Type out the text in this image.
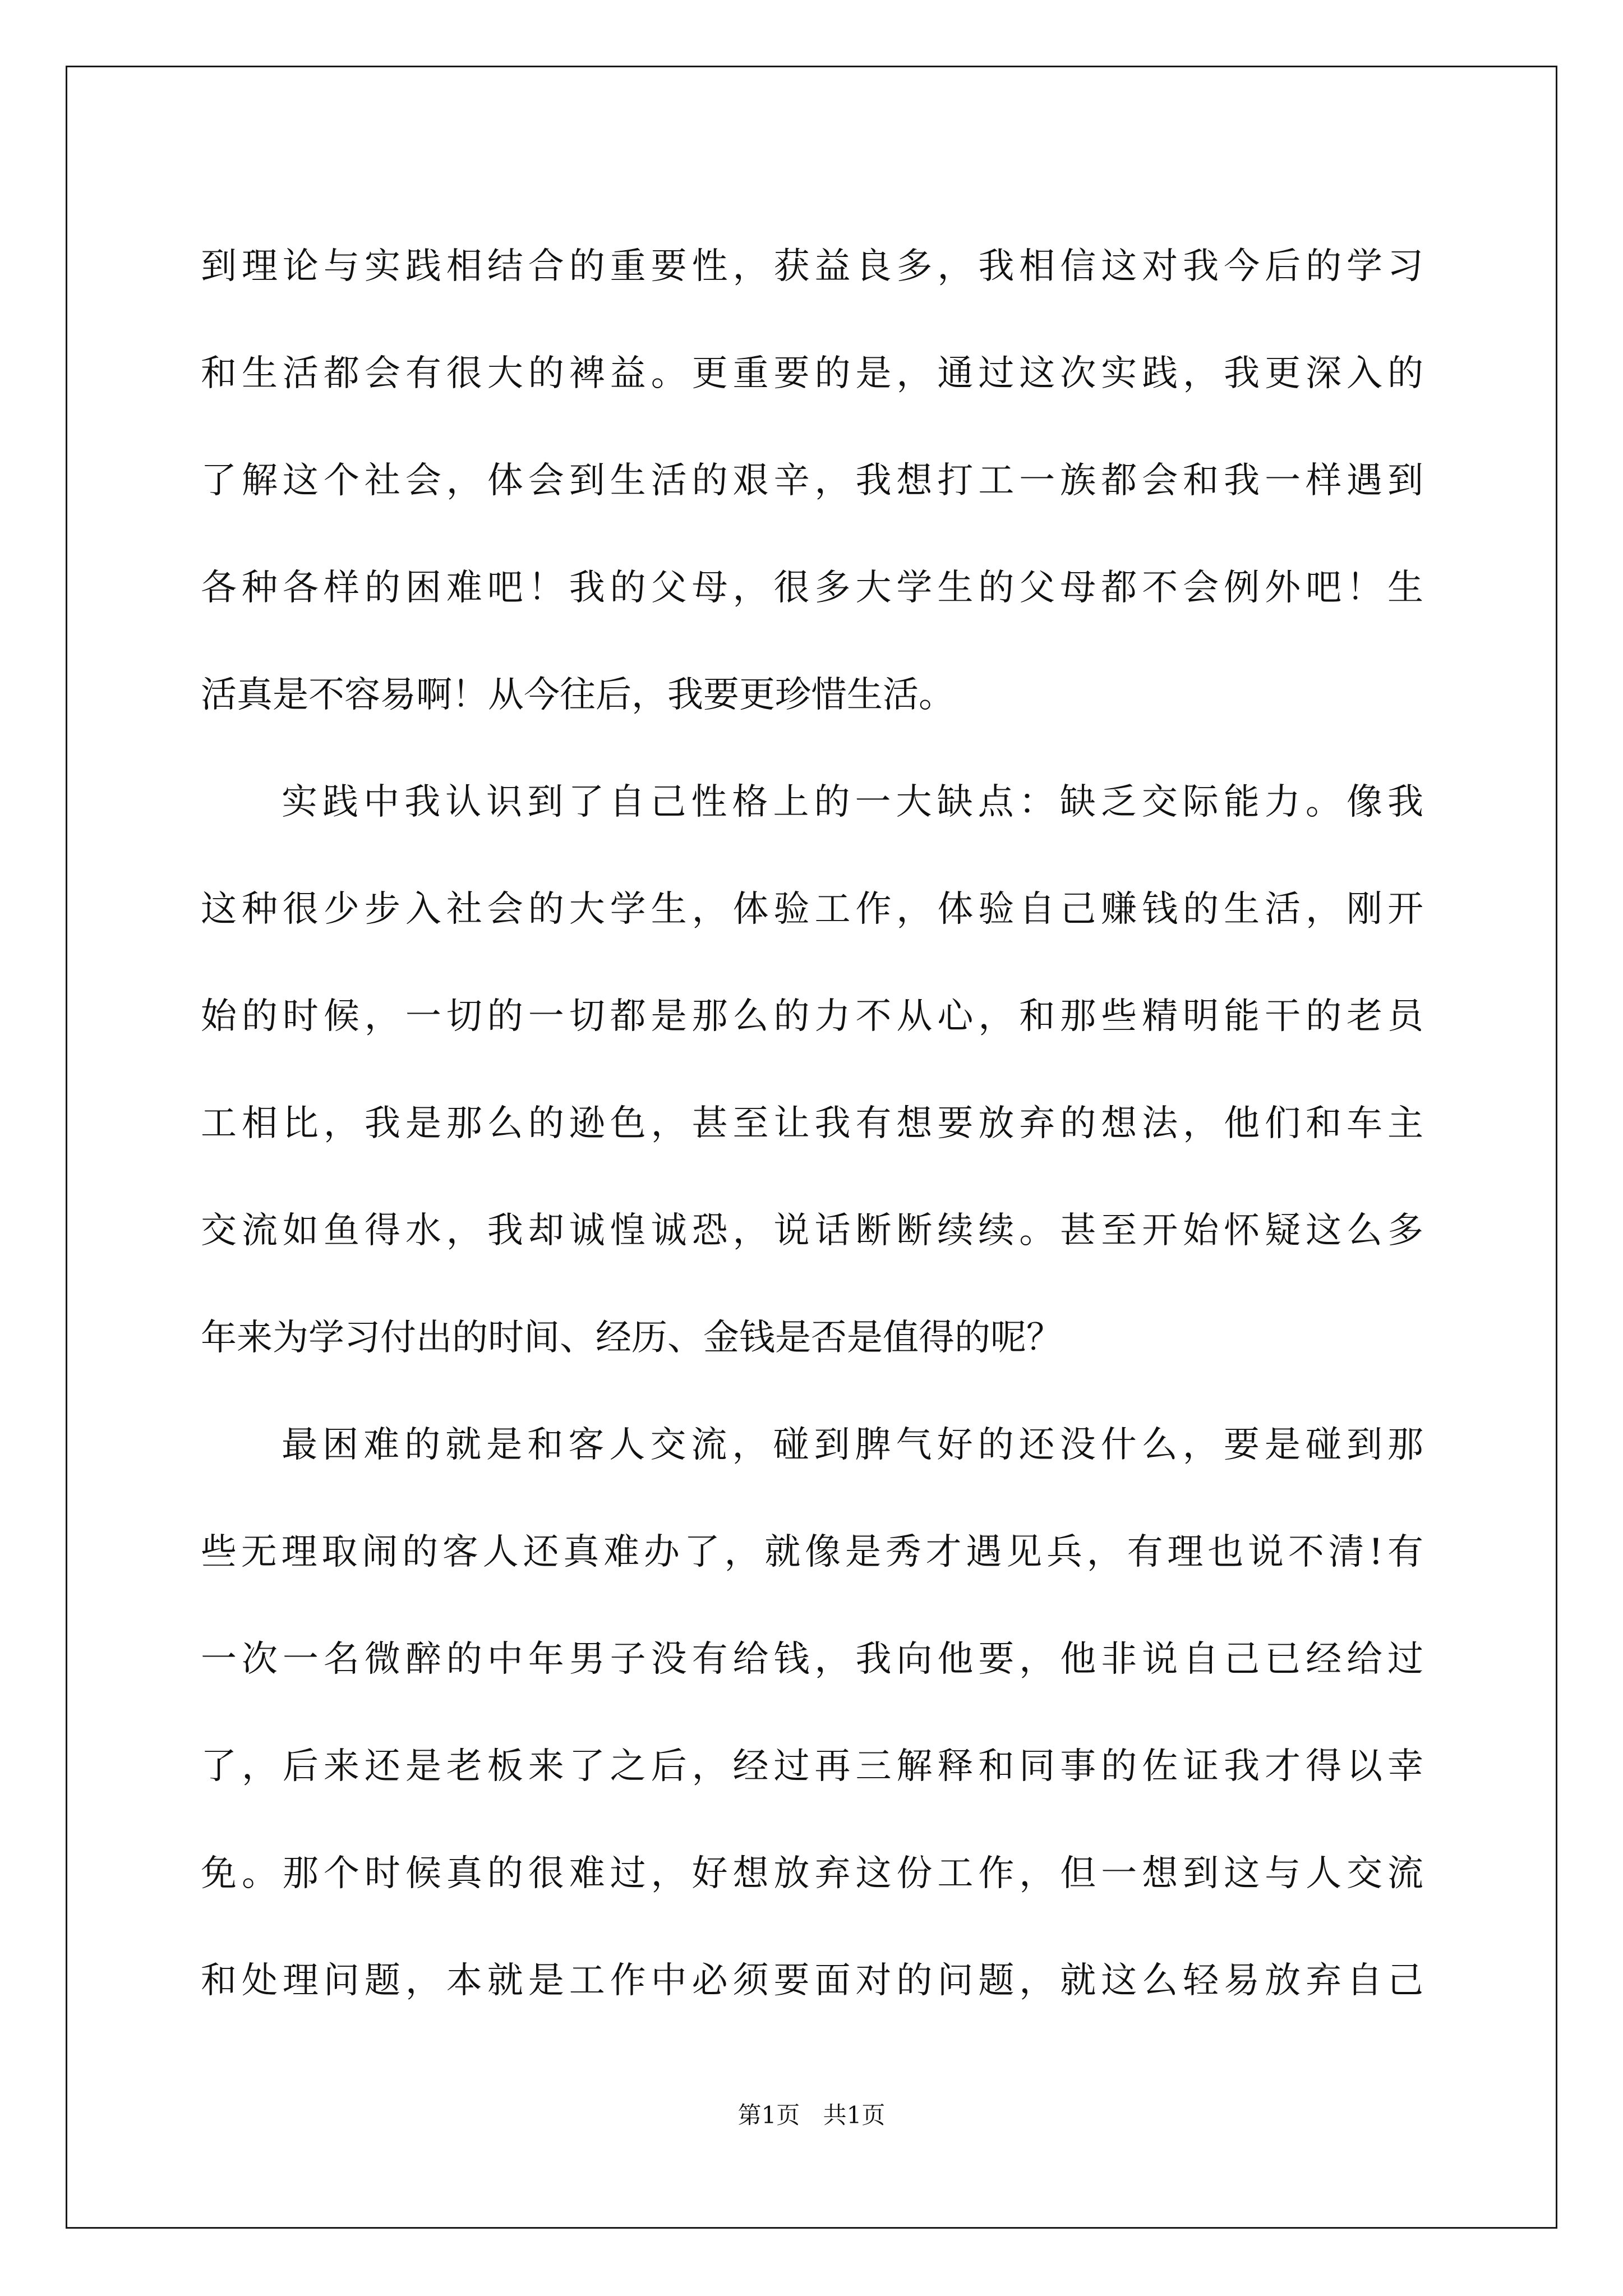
到理论与实践相结合的重要性，获益良多，我相信这对我今后的学习
和生活都会有很大的裨益。更重要的是，通过这次实践，我更深入的
了解这个社会，体会到生活的艰辛，我想打工一族都会和我一样遇到
各种各样的困难吧！我的父母，很多大学生的父母都不会例外吧！生
活真是不容易啊！从今往后，我要更珍惜生活。
实践中我认识到了自己性格上的一大缺点：缺乏交际能力。像我
这种很少步入社会的大学生，体验工作，体验自己赚钱的生活，刚开
始的时候，一切的一切都是那么的力不从心，和那些精明能干的老员
工相比，我是那么的逊色，甚至让我有想要放弃的想法，他们和车主
交流如鱼得水，我却诚惶诚恐，说话断断续续。甚至开始怀疑这么多
年来为学习付出的时间、经历、金钱是否是值得的呢？
最困难的就是和客人交流，碰到脾气好的还没什么，要是碰到那
些无理取闹的客人还真难办了，就像是秀才遇见兵，有理也说不清!有
一次一名微醉的中年男子没有给钱，我向他要，他非说自己已经给过
了，后来还是老板来了之后，经过再三解释和同事的佐证我才得以幸
免。那个时候真的很难过，好想放弃这份工作，但一想到这与人交流
和处理问题，本就是工作中必须要面对的问题，就这么轻易放弃自己
第1页 共1页
